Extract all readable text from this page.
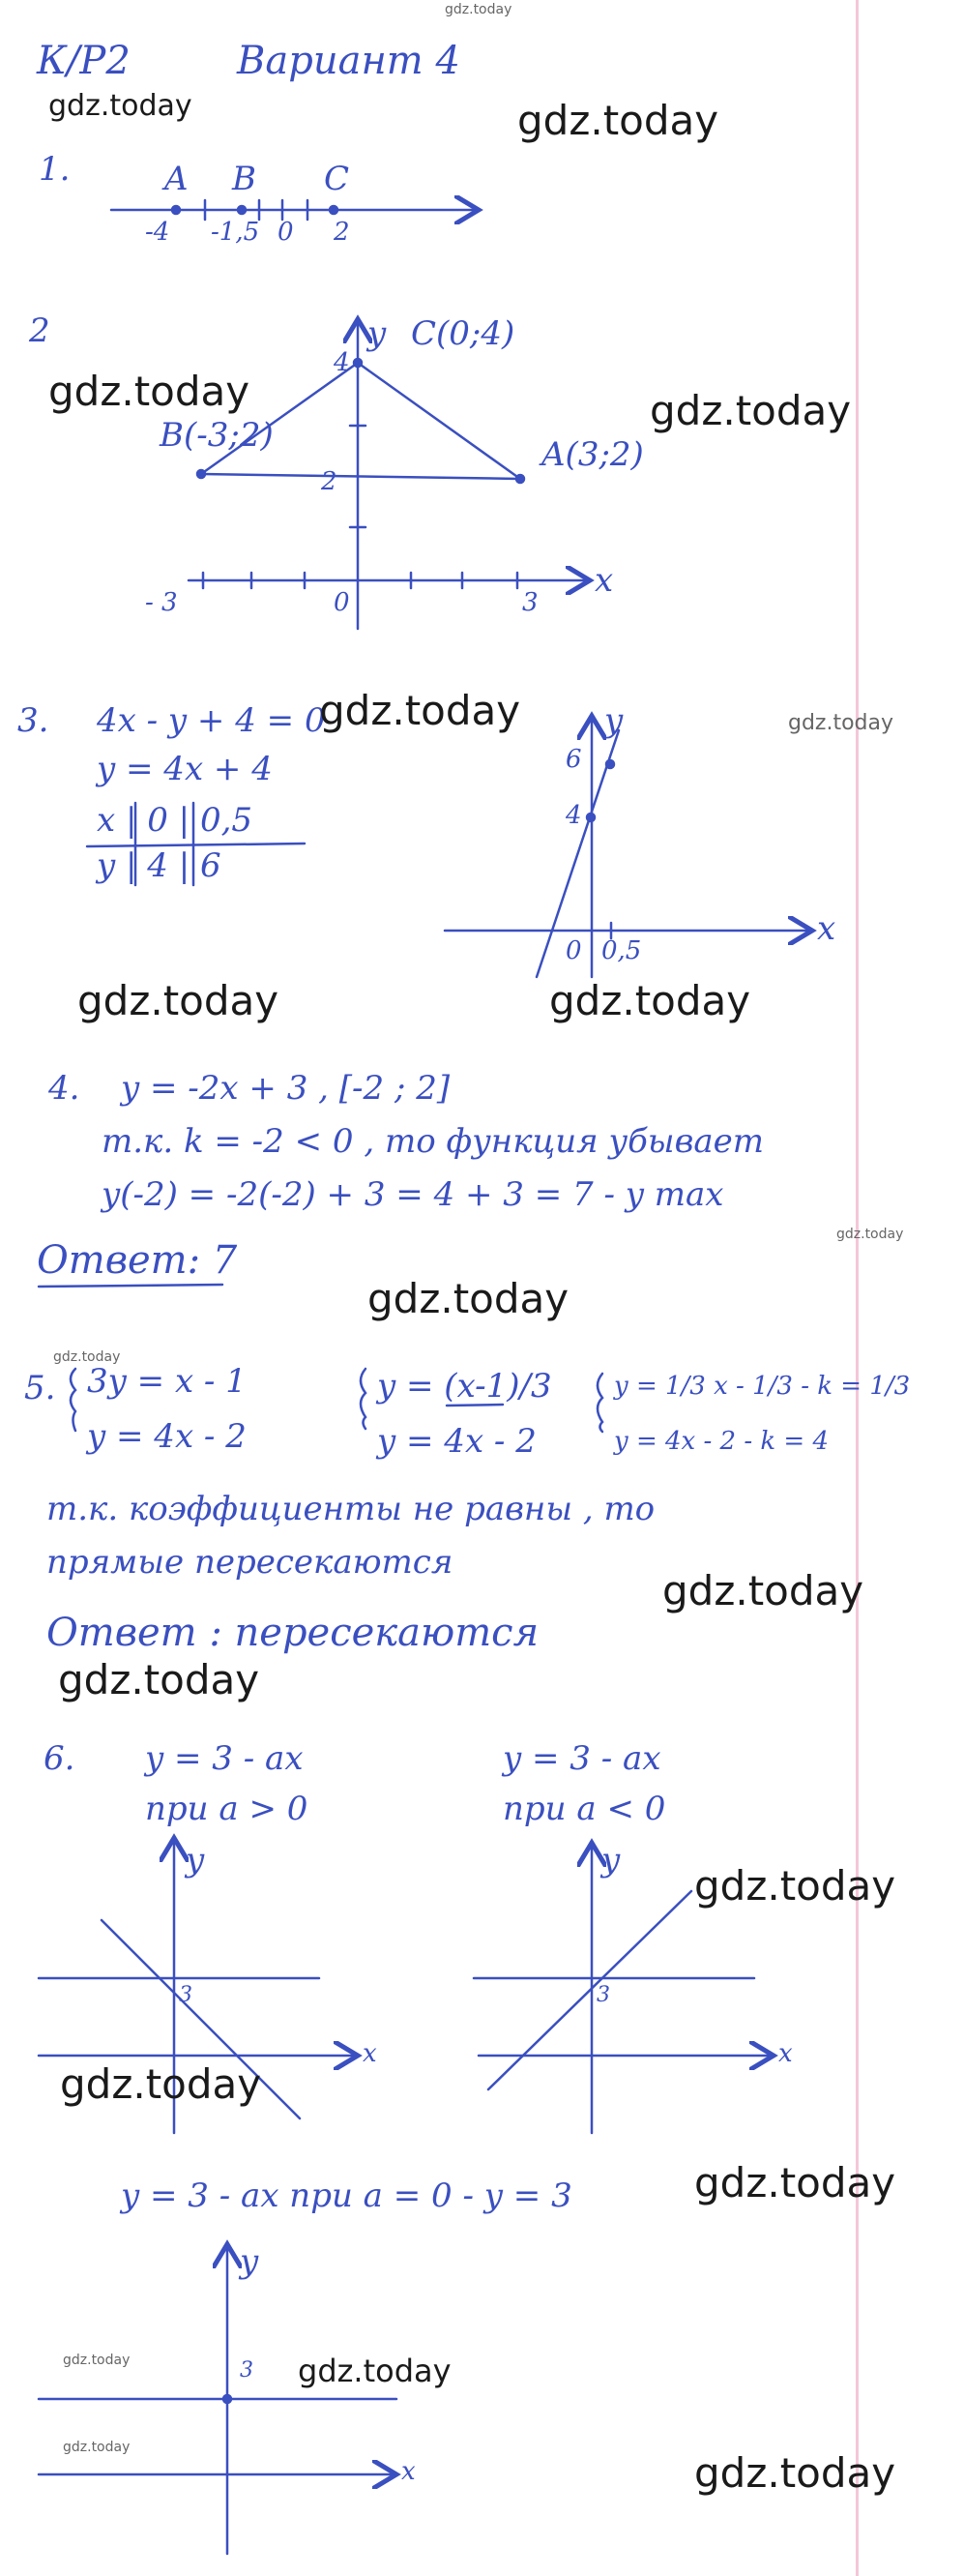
gdz.today
К/Р2	Вариант 4
gdz.today	gdz.today
1.	A B C
-4 -1,5 0 2
2
gdz.today	gdz.today
y C(0;4)
4
B(-3;2)	A(3;2)
2
x
- 3	0	3
3. 4x - y + 4 = 0
gdz.today	gdz.today
y = 4x + 4
x | 0 | 0,5
y | 4 | 6
y
6
4
x
0 0,5
gdz.today	gdz.today
4. y = -2x + 3 , [-2 ; 2]
т.к. k = -2 < 0 , то функция убывает
y(-2) = -2(-2) + 3 = 4 + 3 = 7 - y max
Ответ: 7
gdz.today
gdz.today
gdz.today
5. 3y = x - 1
y = 4x - 2
y = (x-1)/3
y = 4x - 2
y = 1/3 x - 1/3 - k = 1/3
y = 4x - 2 - k = 4
т.к. коэффициенты не равны , то
прямые пересекаются
gdz.today
Ответ : пересекаются
gdz.today
6. y = 3 - ax
при a > 0
y = 3 - ax
при a < 0
y
3
x
gdz.today
y
gdz.today
3
x
y = 3 - ax при a = 0 - y = 3	gdz.today
y
3
gdz.today	gdz.today
gdz.today
x	gdz.today
